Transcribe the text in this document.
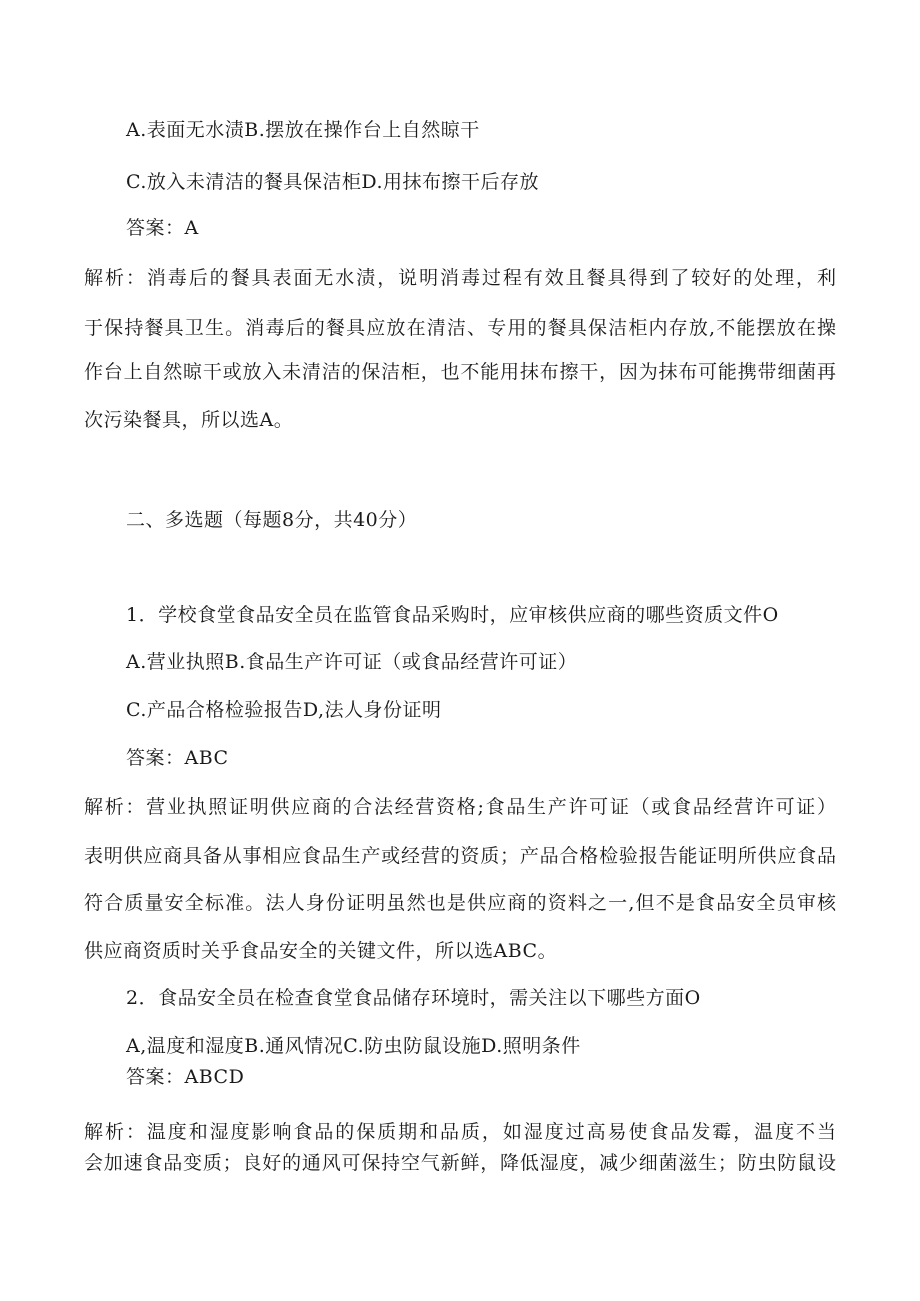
A.表面无水渍B.摆放在操作台上自然晾干
C.放入未清洁的餐具保洁柜D.用抹布擦干后存放
答案：A
解析：消毒后的餐具表面无水渍，说明消毒过程有效且餐具得到了较好的处理，利
于保持餐具卫生。消毒后的餐具应放在清洁、专用的餐具保洁柜内存放,不能摆放在操
作台上自然晾干或放入未清洁的保洁柜，也不能用抹布擦干，因为抹布可能携带细菌再
次污染餐具，所以选A。
二、多选题（每题8分，共40分）
1．学校食堂食品安全员在监管食品采购时，应审核供应商的哪些资质文件O
A.营业执照B.食品生产许可证（或食品经营许可证）
C.产品合格检验报告D,法人身份证明
答案：ABC
解析：营业执照证明供应商的合法经营资格;食品生产许可证（或食品经营许可证）
表明供应商具备从事相应食品生产或经营的资质；产品合格检验报告能证明所供应食品
符合质量安全标准。法人身份证明虽然也是供应商的资料之一,但不是食品安全员审核
供应商资质时关乎食品安全的关键文件，所以选ABC。
2．食品安全员在检查食堂食品储存环境时，需关注以下哪些方面O
A,温度和湿度B.通风情况C.防虫防鼠设施D.照明条件
答案：ABCD
解析：温度和湿度影响食品的保质期和品质，如湿度过高易使食品发霉，温度不当
会加速食品变质；良好的通风可保持空气新鲜，降低湿度，减少细菌滋生；防虫防鼠设
